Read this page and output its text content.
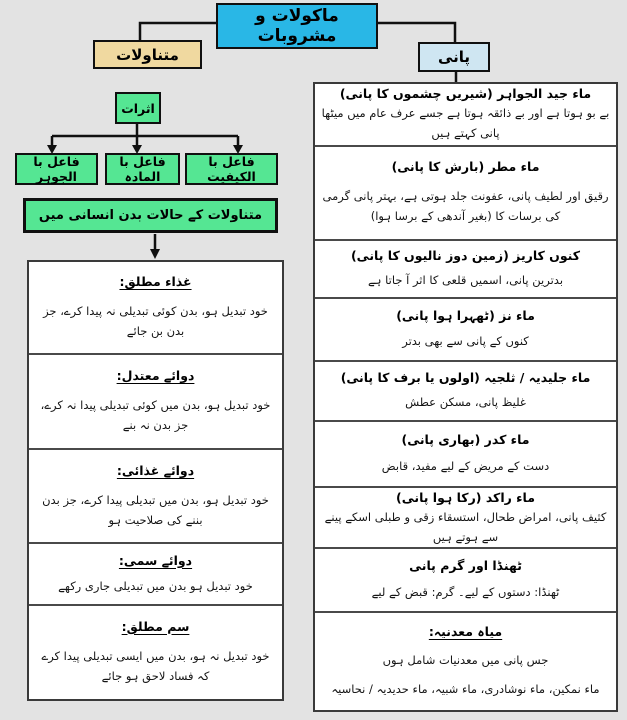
ماکولات و مشروبات
متناولات	پانی
اثرات
فاعل با الکیفیت
فاعل با المادہ
فاعل با الجوہر
متناولات کے حالات بدن انسانی میں
غذاء مطلق:
خود تبدیل ہو، بدن کوئی تبدیلی نہ پیدا کرے، جز بدن بن جائے
دوائے معتدل:
خود تبدیل ہو، بدن میں کوئی تبدیلی پیدا نہ کرے، جز بدن نہ بنے
دوائے غذائی:
خود تبدیل ہو، بدن میں تبدیلی پیدا کرے، جز بدن بننے کی صلاحیت ہو
دوائے سمی:
خود تبدیل ہو بدن میں تبدیلی جاری رکھے
سم مطلق:
خود تبدیل نہ ہو، بدن میں ایسی تبدیلی پیدا کرے کہ فساد لاحق ہو جائے
ماء جید الجواہر (شیریں چشموں کا پانی)
بے بو ہوتا ہے اور بے ذائقہ ہوتا ہے جسے عرف عام میں میٹھا پانی کہتے ہیں
ماء مطر (بارش کا پانی)
رقیق اور لطیف پانی، عفونت جلد ہوتی ہے، بہتر پانی گرمی کی برسات کا (بغیر آندھی کے برسا ہوا)
کنوں کاریز (زمین دوز نالیوں کا پانی)
بدترین پانی، اسمیں قلعی کا اثر آ جاتا ہے
ماء نز (ٹھہرا ہوا پانی)
کنوں کے پانی سے بھی بدتر
ماء جلیدیہ / ثلجیہ (اولوں یا برف کا پانی)
غلیظ پانی، مسکن عطش
ماء کدر (بھاری پانی)
دست کے مریض کے لیے مفید، قابض
ماء راکد (رکا ہوا پانی)
کثیف پانی، امراض طحال، استسقاء زقی و طبلی اسکے پینے سے ہوتے ہیں
ٹھنڈا اور گرم پانی
ٹھنڈا: دستوں کے لیے۔ گرم: قبض کے لیے
میاہ معدنیہ:
جس پانی میں معدنیات شامل ہوں
ماء نمکین، ماء نوشادری، ماء شبیہ، ماء حدیدیہ / نحاسیہ
